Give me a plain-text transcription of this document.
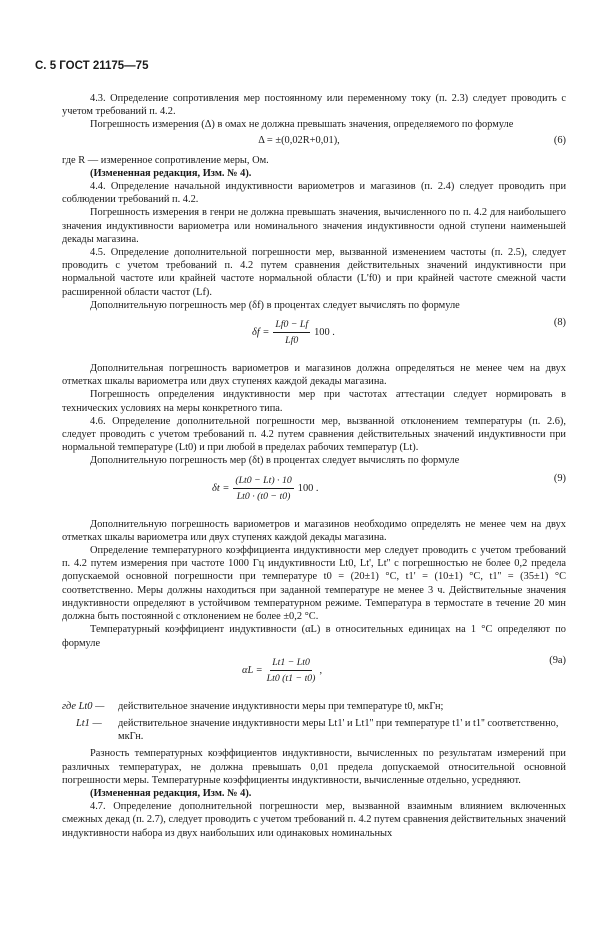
С. 5 ГОСТ 21175—75

4.3. Определение сопротивления мер постоянному или переменному току (п. 2.3) следует проводить с учетом требований п. 4.2.

Погрешность измерения (Δ) в омах не должна превышать значения, определяемого по формуле

Δ = ±(0,02R+0,01),	(6)

где R — измеренное сопротивление меры, Ом.

(Измененная редакция, Изм. № 4).

4.4. Определение начальной индуктивности вариометров и магазинов (п. 2.4) следует проводить при соблюдении требований п. 4.2.

Погрешность измерения в генри не должна превышать значения, вычисленного по п. 4.2 для наибольшего значения индуктивности вариометра или номинального значения индуктивности одной ступени наименьшей декады магазина.

4.5. Определение дополнительной погрешности мер, вызванной изменением частоты (п. 2.5), следует проводить с учетом требований п. 4.2 путем сравнения действительных значений индуктивности при нормальной частоте или крайней частоте нормальной области (L'f0) и при крайней частоте смежной части расширенной области частот (Lf).

Дополнительную погрешность мер (δf) в процентах следует вычислять по формуле

$\delta f = \frac{Lf0 - Lf}{Lf0} 100$ .
(8)

Дополнительная погрешность вариометров и магазинов должна определяться не менее чем на двух отметках шкалы вариометра или двух ступенях каждой декады магазина.

Погрешность определения индуктивности мер при частотах аттестации следует нормировать в технических условиях на меры конкретного типа.

4.6. Определение дополнительной погрешности мер, вызванной отклонением температуры (п. 2.6), следует проводить с учетом требований п. 4.2 путем сравнения действительных значений индуктивности при нормальной температуре (Lt0) и при любой в пределах рабочих температур (Lt).

Дополнительную погрешность мер (δt) в процентах следует вычислять по формуле

$\delta t = \frac{(Lt0 - Lt) \cdot 10}{Lt0 \cdot (t0 - t0)} 100$ .
(9)

Дополнительную погрешность вариометров и магазинов необходимо определять не менее чем на двух отметках шкалы вариометра или двух ступенях каждой декады магазина.

Определение температурного коэффициента индуктивности мер следует проводить с учетом требований п. 4.2 путем измерения при частоте 1000 Гц индуктивности Lt0, Lt', Lt'' с погрешностью не более 0,2 предела допускаемой основной погрешности при температуре t0 = (20±1) °C, t1' = (10±1) °C, t1'' = (35±1) °C соответственно. Меры должны находиться при заданной температуре не менее 3 ч. Действительные значения индуктивности определяют в устойчивом температурном режиме. Температура в термостате в течение 20 мин должна быть постоянной с отклонением не более ±0,2 °C.

Температурный коэффициент индуктивности (αL) в относительных единицах на 1 °С определяют по формуле

$\alpha L = \frac{Lt1 - Lt0}{Lt0 (t1 - t0)}$ ,
(9a)
где Lt0 —	действительное значение индуктивности меры при температуре t0, мкГн;
Lt1 —	действительное значение индуктивности меры Lt1' и Lt1'' при температуре t1' и t1'' соответственно, мкГн.

Разность температурных коэффициентов индуктивности, вычисленных по результатам измерений при различных температурах, не должна превышать 0,01 предела допускаемой относительной основной погрешности меры. Температурные коэффициенты индуктивности, вычисленные отдельно, усредняют.

(Измененная редакция, Изм. № 4).

4.7. Определение дополнительной погрешности мер, вызванной взаимным влиянием включенных смежных декад (п. 2.7), следует проводить с учетом требований п. 4.2 путем сравнения действительных значений индуктивности набора из двух наибольших или одинаковых номинальных
